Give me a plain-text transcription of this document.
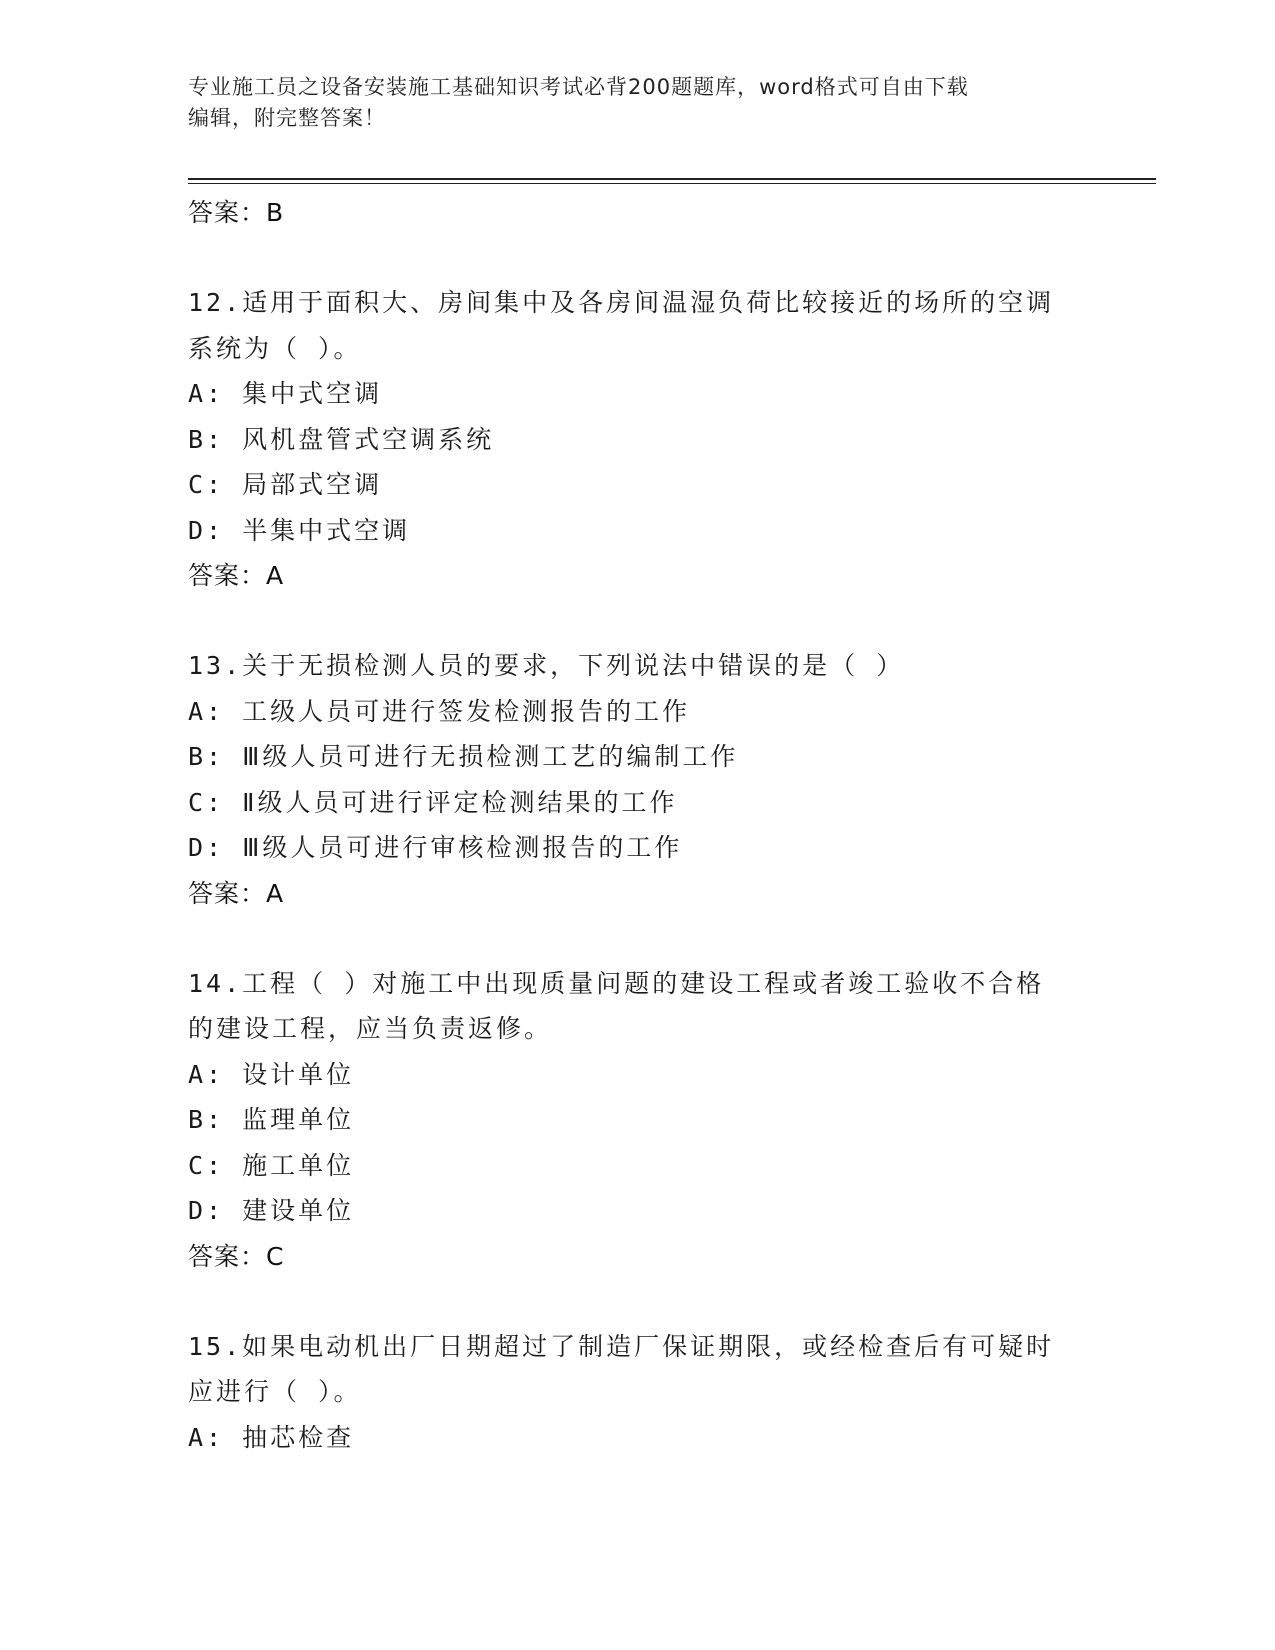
专业施工员之设备安装施工基础知识考试必背200题题库，word格式可自由下载
编辑，附完整答案！
答案：B
12.适用于面积大、房间集中及各房间温湿负荷比较接近的场所的空调
系统为（ ）。
A: 集中式空调
B: 风机盘管式空调系统
C: 局部式空调
D: 半集中式空调
答案：A
13.关于无损检测人员的要求，下列说法中错误的是（ ）
A: 工级人员可进行签发检测报告的工作
B: Ⅲ级人员可进行无损检测工艺的编制工作
C: Ⅱ级人员可进行评定检测结果的工作
D: Ⅲ级人员可进行审核检测报告的工作
答案：A
14.工程（ ）对施工中出现质量问题的建设工程或者竣工验收不合格
的建设工程，应当负责返修。
A: 设计单位
B: 监理单位
C: 施工单位
D: 建设单位
答案：C
15.如果电动机出厂日期超过了制造厂保证期限，或经检查后有可疑时
应进行（ ）。
A: 抽芯检查
